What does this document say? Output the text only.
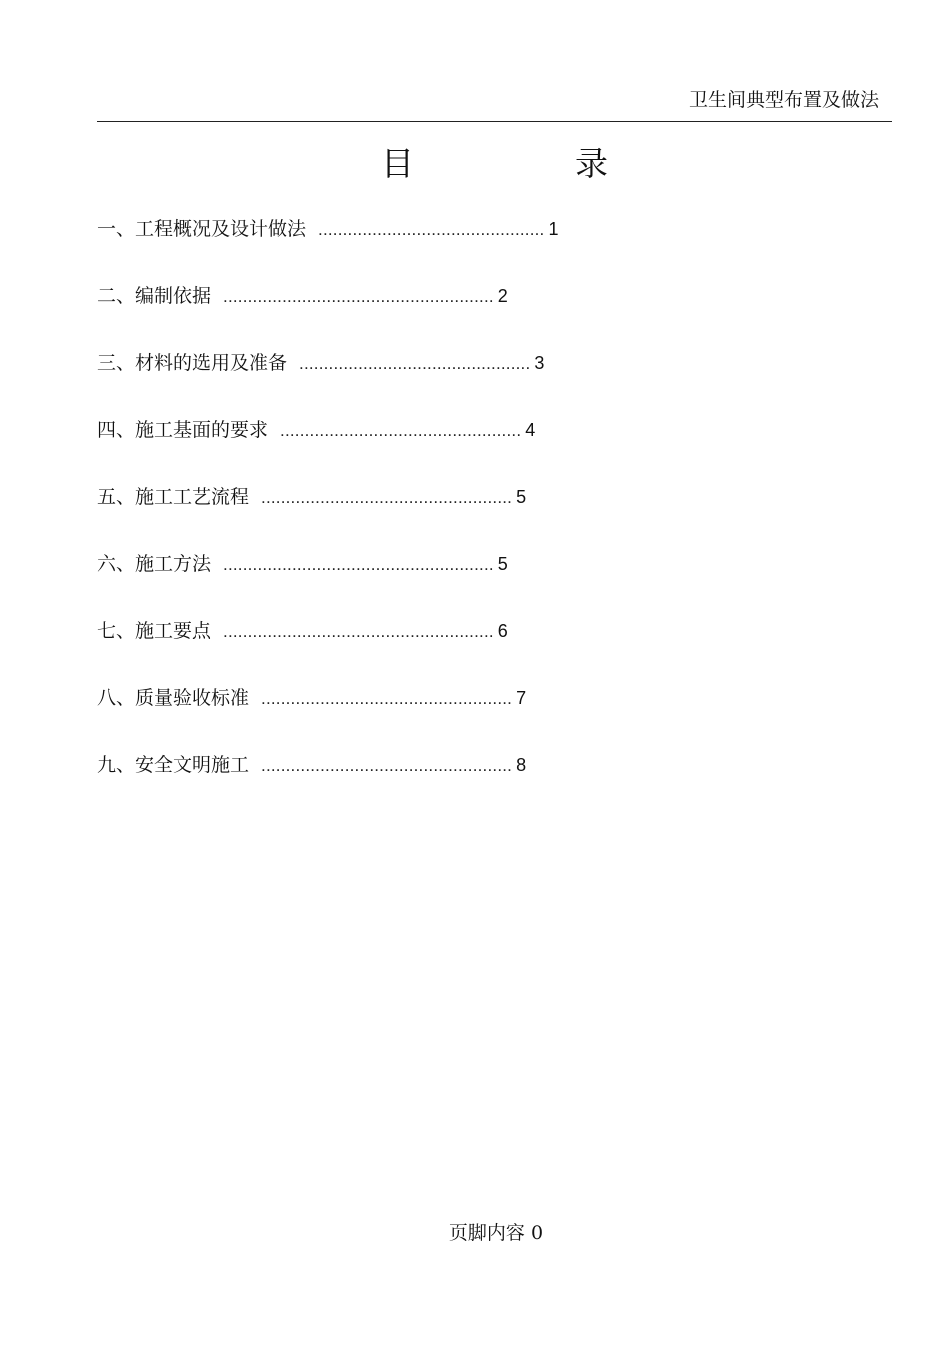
卫生间典型布置及做法
目	录
一、工程概况及设计做法 .............................................. 1
二、编制依据 ....................................................... 2
三、材料的选用及准备 ............................................... 3
四、施工基面的要求 ................................................. 4
五、施工工艺流程 ................................................... 5
六、施工方法 ....................................................... 5
七、施工要点 ....................................................... 6
八、质量验收标准 ................................................... 7
九、安全文明施工 ................................................... 8
页脚内容 0
